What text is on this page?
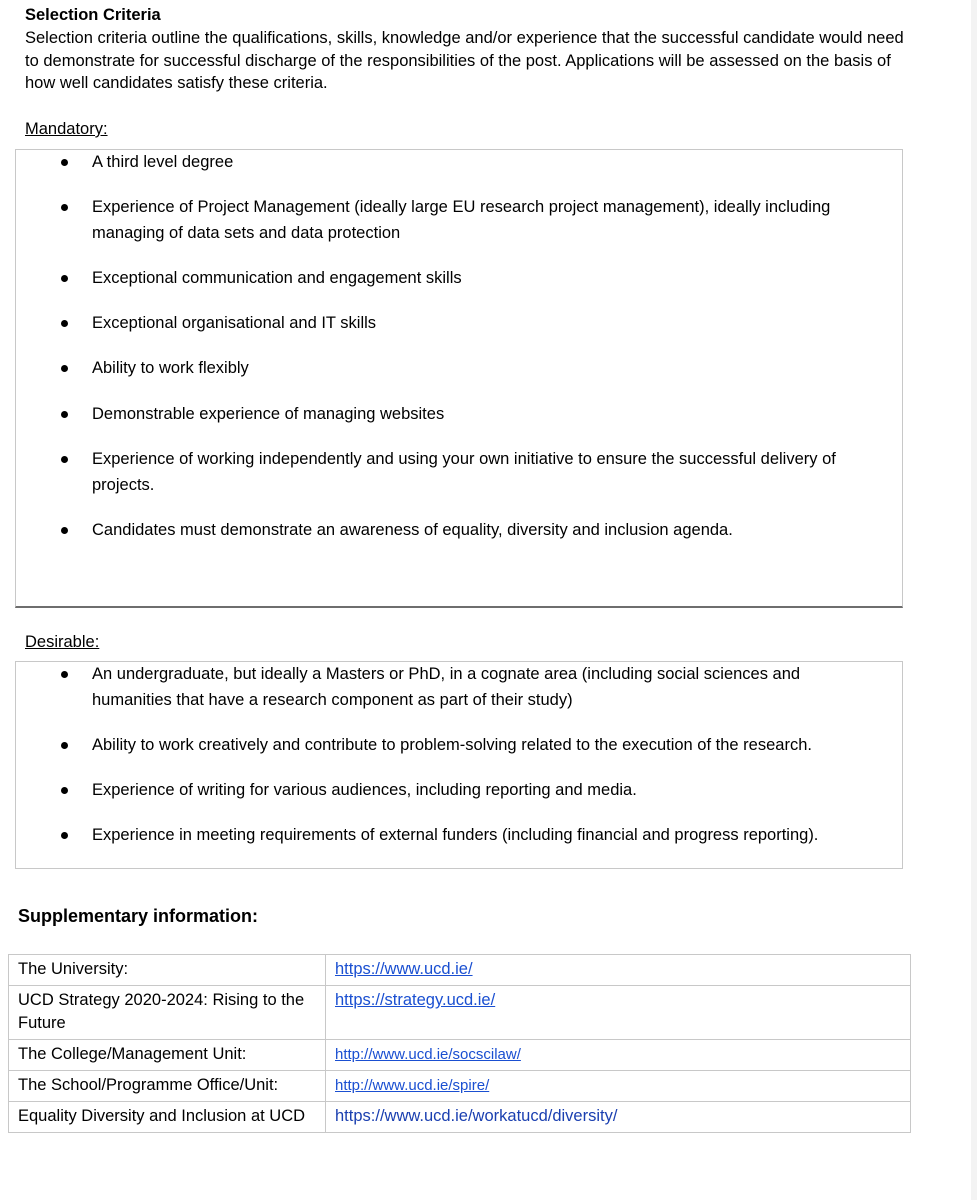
Selection Criteria
Selection criteria outline the qualifications, skills, knowledge and/or experience that the successful candidate would need to demonstrate for successful discharge of the responsibilities of the post. Applications will be assessed on the basis of how well candidates satisfy these criteria.
Mandatory:
A third level degree
Experience of Project Management (ideally large EU research project management), ideally including managing of data sets and data protection
Exceptional communication and engagement skills
Exceptional organisational and IT skills
Ability to work flexibly
Demonstrable experience of managing websites
Experience of working independently and using your own initiative to ensure the successful delivery of projects.
Candidates must demonstrate an awareness of equality, diversity and inclusion agenda.
Desirable:
An undergraduate, but ideally a Masters or PhD, in a cognate area (including social sciences and humanities that have a research component as part of their study)
Ability to work creatively and contribute to problem-solving related to the execution of the research.
Experience of writing for various audiences, including reporting and media.
Experience in meeting requirements of external funders (including financial and progress reporting).
Supplementary information:
The University:	https://www.ucd.ie/
UCD Strategy 2020-2024: Rising to the Future	https://strategy.ucd.ie/
The College/Management Unit:	http://www.ucd.ie/socscilaw/
The School/Programme Office/Unit:	http://www.ucd.ie/spire/
Equality Diversity and Inclusion at UCD	https://www.ucd.ie/workatucd/diversity/
